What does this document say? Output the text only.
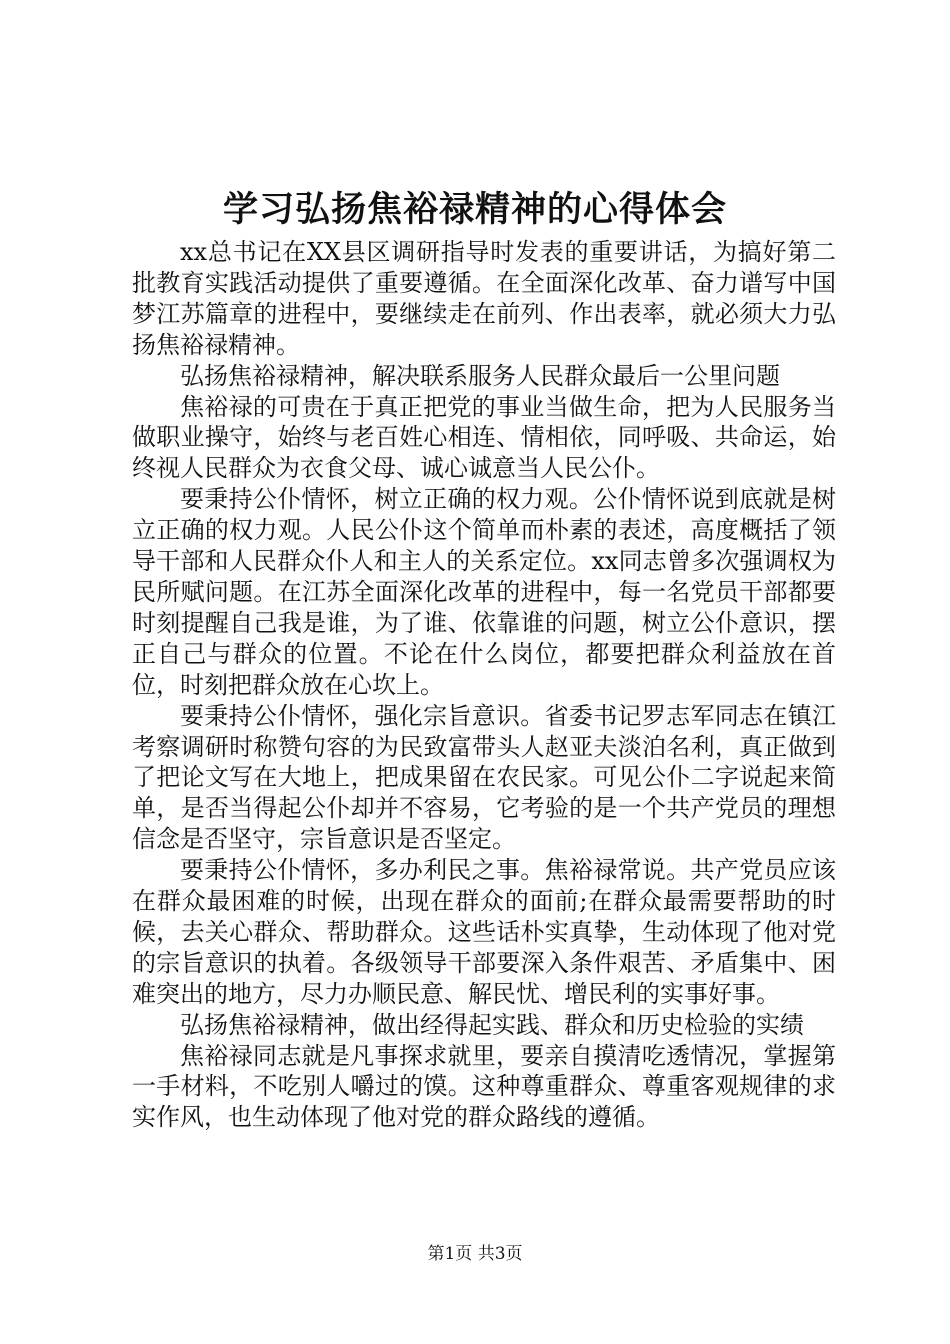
学习弘扬焦裕禄精神的心得体会

xx总书记在XX县区调研指导时发表的重要讲话，为搞好第二批教育实践活动提供了重要遵循。在全面深化改革、奋力谱写中国梦江苏篇章的进程中，要继续走在前列、作出表率，就必须大力弘扬焦裕禄精神。

弘扬焦裕禄精神，解决联系服务人民群众最后一公里问题

焦裕禄的可贵在于真正把党的事业当做生命，把为人民服务当做职业操守，始终与老百姓心相连、情相依，同呼吸、共命运，始终视人民群众为衣食父母、诚心诚意当人民公仆。

要秉持公仆情怀，树立正确的权力观。公仆情怀说到底就是树立正确的权力观。人民公仆这个简单而朴素的表述，高度概括了领导干部和人民群众仆人和主人的关系定位。xx同志曾多次强调权为民所赋问题。在江苏全面深化改革的进程中，每一名党员干部都要时刻提醒自己我是谁，为了谁、依靠谁的问题，树立公仆意识，摆正自己与群众的位置。不论在什么岗位，都要把群众利益放在首位，时刻把群众放在心坎上。

要秉持公仆情怀，强化宗旨意识。省委书记罗志军同志在镇江考察调研时称赞句容的为民致富带头人赵亚夫淡泊名利，真正做到了把论文写在大地上，把成果留在农民家。可见公仆二字说起来简单，是否当得起公仆却并不容易，它考验的是一个共产党员的理想信念是否坚守，宗旨意识是否坚定。

要秉持公仆情怀，多办利民之事。焦裕禄常说。共产党员应该在群众最困难的时候，出现在群众的面前;在群众最需要帮助的时候，去关心群众、帮助群众。这些话朴实真挚，生动体现了他对党的宗旨意识的执着。各级领导干部要深入条件艰苦、矛盾集中、困难突出的地方，尽力办顺民意、解民忧、增民利的实事好事。

弘扬焦裕禄精神，做出经得起实践、群众和历史检验的实绩

焦裕禄同志就是凡事探求就里，要亲自摸清吃透情况，掌握第一手材料，不吃别人嚼过的馍。这种尊重群众、尊重客观规律的求实作风，也生动体现了他对党的群众路线的遵循。

第1页 共3页
